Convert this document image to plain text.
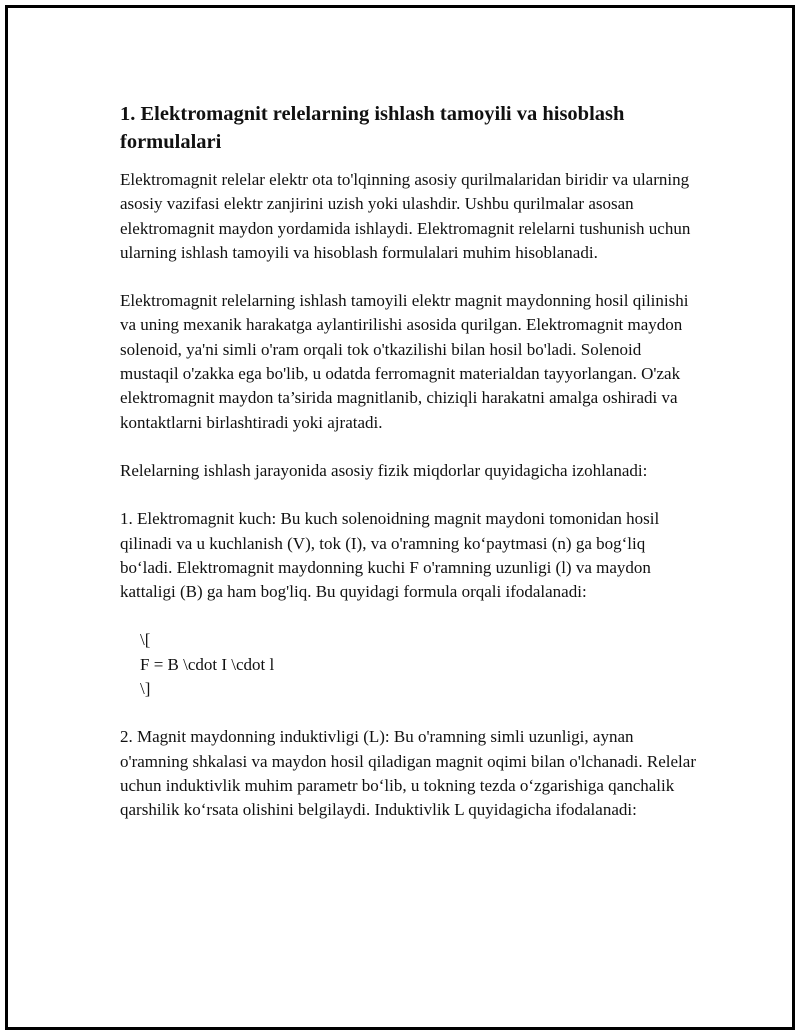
1. Elektromagnit relelarning ishlash tamoyili va hisoblash formulalari

Elektromagnit relelar elektr ota to'lqinning asosiy qurilmalaridan biridir va ularning asosiy vazifasi elektr zanjirini uzish yoki ulashdir. Ushbu qurilmalar asosan elektromagnit maydon yordamida ishlaydi. Elektromagnit relelarni tushunish uchun ularning ishlash tamoyili va hisoblash formulalari muhim hisoblanadi.

Elektromagnit relelarning ishlash tamoyili elektr magnit maydonning hosil qilinishi va uning mexanik harakatga aylantirilishi asosida qurilgan. Elektromagnit maydon solenoid, ya'ni simli o'ram orqali tok o'tkazilishi bilan hosil bo'ladi. Solenoid mustaqil o'zakka ega bo'lib, u odatda ferromagnit materialdan tayyorlangan. O'zak elektromagnit maydon ta’sirida magnitlanib, chiziqli harakatni amalga oshiradi va kontaktlarni birlashtiradi yoki ajratadi.

Relelarning ishlash jarayonida asosiy fizik miqdorlar quyidagicha izohlanadi:

1. Elektromagnit kuch: Bu kuch solenoidning magnit maydoni tomonidan hosil qilinadi va u kuchlanish (V), tok (I), va o'ramning ko‘paytmasi (n) ga bog‘liq bo‘ladi. Elektromagnit maydonning kuchi F o'ramning uzunligi (l) va maydon kattaligi (B) ga ham bog'liq. Bu quyidagi formula orqali ifodalanadi:

\[
F = B \cdot I \cdot l
\]

2. Magnit maydonning induktivligi (L): Bu o'ramning simli uzunligi, aynan o'ramning shkalasi va maydon hosil qiladigan magnit oqimi bilan o'lchanadi. Relelar uchun induktivlik muhim parametr bo‘lib, u tokning tezda o‘zgarishiga qanchalik qarshilik ko‘rsata olishini belgilaydi. Induktivlik L quyidagicha ifodalanadi:
